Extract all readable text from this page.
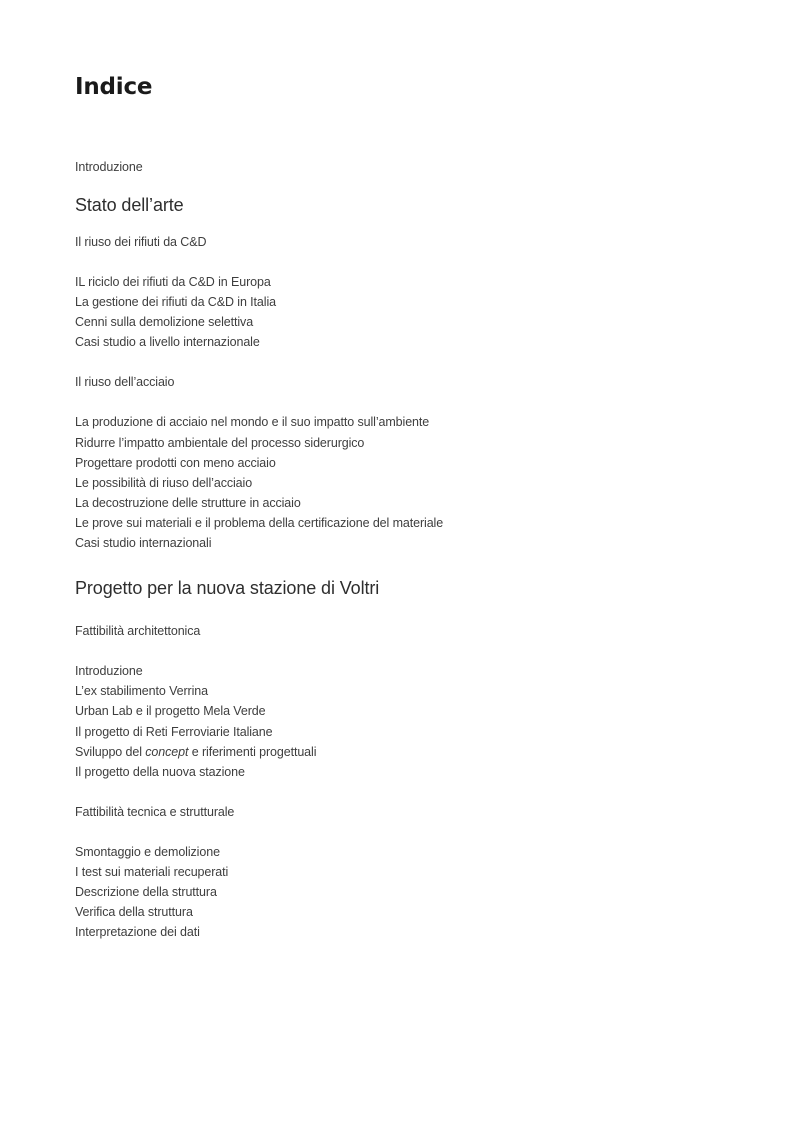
Indice
Introduzione
Stato dell’arte
Il riuso dei rifiuti da C&D
IL riciclo dei rifiuti da C&D in Europa
La gestione dei rifiuti da C&D in Italia
Cenni sulla demolizione selettiva
Casi studio a livello internazionale
Il riuso dell’acciaio
La produzione di acciaio nel mondo e il suo impatto sull’ambiente
Ridurre l’impatto ambientale del processo siderurgico
Progettare prodotti con meno acciaio
Le possibilità di riuso dell’acciaio
La decostruzione delle strutture in acciaio
Le prove sui materiali e il problema della certificazione del materiale
Casi studio internazionali
Progetto per la nuova stazione di Voltri
Fattibilità architettonica
Introduzione
L’ex stabilimento Verrina
Urban Lab e il progetto Mela Verde
Il progetto di Reti Ferroviarie Italiane
Sviluppo del concept e riferimenti progettuali
Il progetto della nuova stazione
Fattibilità tecnica e strutturale
Smontaggio e demolizione
I test sui materiali recuperati
Descrizione della struttura
Verifica della struttura
Interpretazione dei dati
